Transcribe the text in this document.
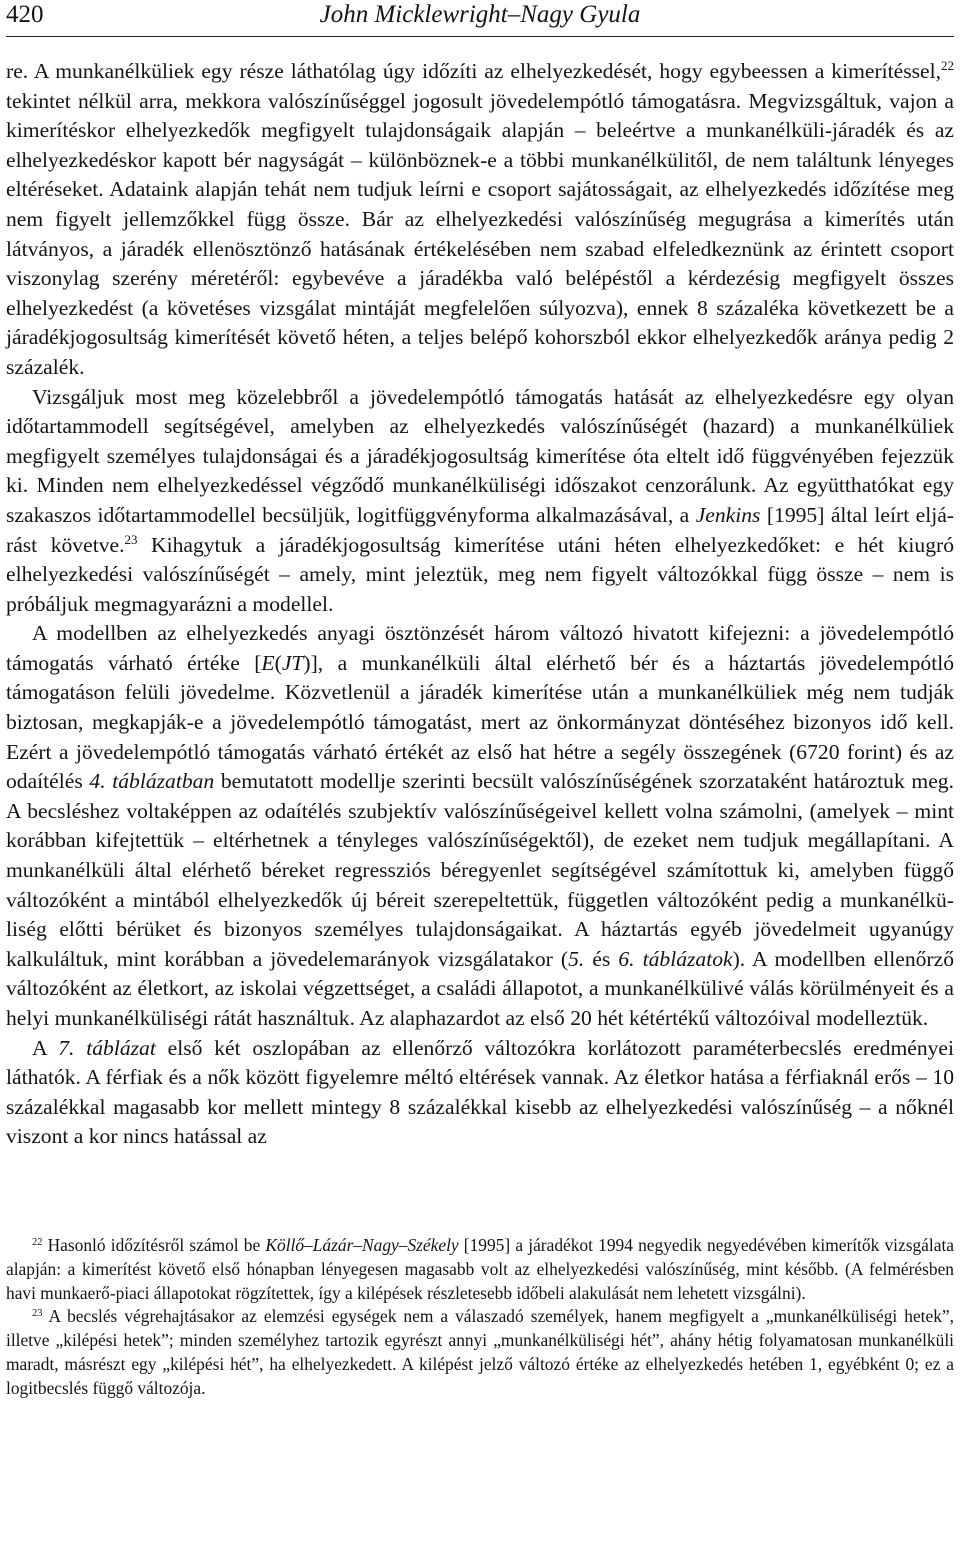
420	John Micklewright–Nagy Gyula

re. A munkanélküliek egy része láthatólag úgy időzíti az elhelyezkedését, hogy egybeessen a kimerítéssel,$^{22}$ tekintet nélkül arra, mekkora valószínűséggel jogosult jövedelempótló támogatásra. Megvizsgáltuk, vajon a kimerítéskor elhelyezkedők megfigyelt tulajdonságaik alapján – beleértve a munkanélküli-járadék és az elhelyezkedéskor kapott bér nagyságát – különböznek-e a többi munkanélkülitől, de nem találtunk lényeges eltéréseket. Adataink alapján tehát nem tudjuk leírni e csoport sajátosságait, az elhelyezkedés időzítése meg nem figyelt jellemzőkkel függ össze. Bár az elhelyezkedési valószínűség megugrása a kimerítés után látványos, a járadék ellenösztönző hatásának értékelésében nem szabad elfeledkeznünk az érintett csoport viszonylag szerény méretéről: egybevéve a járadékba való belépéstől a kérdezésig megfigyelt összes elhelyezkedést (a követéses vizsgálat mintáját megfelelően súlyozva), ennek 8 százaléka következett be a járadékjogosultság kimerítését követő héten, a teljes belépő kohorszból ekkor elhelyezkedők aránya pedig 2 százalék.

Vizsgáljuk most meg közelebbről a jövedelempótló támogatás hatását az elhelyezkedésre egy olyan időtartammodell segítségével, amelyben az elhelyezkedés valószínűségét (hazard) a munkanélküliek megfigyelt személyes tulajdonságai és a járadékjogosultság kimerítése óta eltelt idő függvényében fejezzük ki. Minden nem elhelyezkedéssel végződő munkanélküliségi időszakot cenzorálunk. Az együtthatókat egy szakaszos időtartammodellel becsüljük, logitfüggvényforma alkalmazásával, a Jenkins [1995] által leírt eljárást követve.$^{23}$ Kihagytuk a járadékjogosultság kimerítése utáni héten elhelyezkedőket: e hét kiugró elhelyezkedési valószínűségét – amely, mint jeleztük, meg nem figyelt változókkal függ össze – nem is próbáljuk megmagyarázni a modellel.

A modellben az elhelyezkedés anyagi ösztönzését három változó hivatott kifejezni: a jövedelempótló támogatás várható értéke [E(JT)], a munkanélküli által elérhető bér és a háztartás jövedelempótló támogatáson felüli jövedelme. Közvetlenül a járadék kimerítése után a munkanélküliek még nem tudják biztosan, megkapják-e a jövedelempótló támogatást, mert az önkormányzat döntéséhez bizonyos idő kell. Ezért a jövedelempótló támogatás várható értékét az első hat hétre a segély összegének (6720 forint) és az odaítélés 4. táblázatban bemutatott modellje szerinti becsült valószínűségének szorzataként határoztuk meg. A becsléshez voltaképpen az odaítélés szubjektív valószínűségeivel kellett volna számolni, (amelyek – mint korábban kifejtettük – eltérhetnek a tényleges valószínűségektől), de ezeket nem tudjuk megállapítani. A munkanélküli által elérhető béreket regressziós béregyenlet segítségével számítottuk ki, amelyben függő változóként a mintából elhelyezkedők új béreit szerepeltettük, független változóként pedig a munkanélküliség előtti bérüket és bizonyos személyes tulajdonságaikat. A háztartás egyéb jövedelmeit ugyanúgy kalkuláltuk, mint korábban a jövedelemarányok vizsgálatakor (5. és 6. táblázatok). A modellben ellenőrző változóként az életkort, az iskolai végzettséget, a családi állapotot, a munkanélkülivé válás körülményeit és a helyi munkanélküliségi rátát használtuk. Az alaphazardot az első 20 hét kétértékű változóival modelleztük.

A 7. táblázat első két oszlopában az ellenőrző változókra korlátozott paraméterbecslés eredményei láthatók. A férfiak és a nők között figyelemre méltó eltérések vannak. Az életkor hatása a férfiaknál erős – 10 százalékkal magasabb kor mellett mintegy 8 százalékkal kisebb az elhelyezkedési valószínűség – a nőknél viszont a kor nincs hatással az

$^{22}$ Hasonló időzítésről számol be Köllő–Lázár–Nagy–Székely [1995] a járadékot 1994 negyedik negyedévében kimerítők vizsgálata alapján: a kimerítést követő első hónapban lényegesen magasabb volt az elhelyezkedési valószínűség, mint később. (A felmérésben havi munkaerő-piaci állapotokat rögzítettek, így a kilépések részletesebb időbeli alakulását nem lehetett vizsgálni).

$^{23}$ A becslés végrehajtásakor az elemzési egységek nem a válaszadó személyek, hanem megfigyelt a „munkanélküliségi hetek”, illetve „kilépési hetek”; minden személyhez tartozik egyrészt annyi „munkanélküliségi hét”, ahány hétig folyamatosan munkanélküli maradt, másrészt egy „kilépési hét”, ha elhelyezkedett. A kilépést jelző változó értéke az elhelyezkedés hetében 1, egyébként 0; ez a logitbecslés függő változója.
